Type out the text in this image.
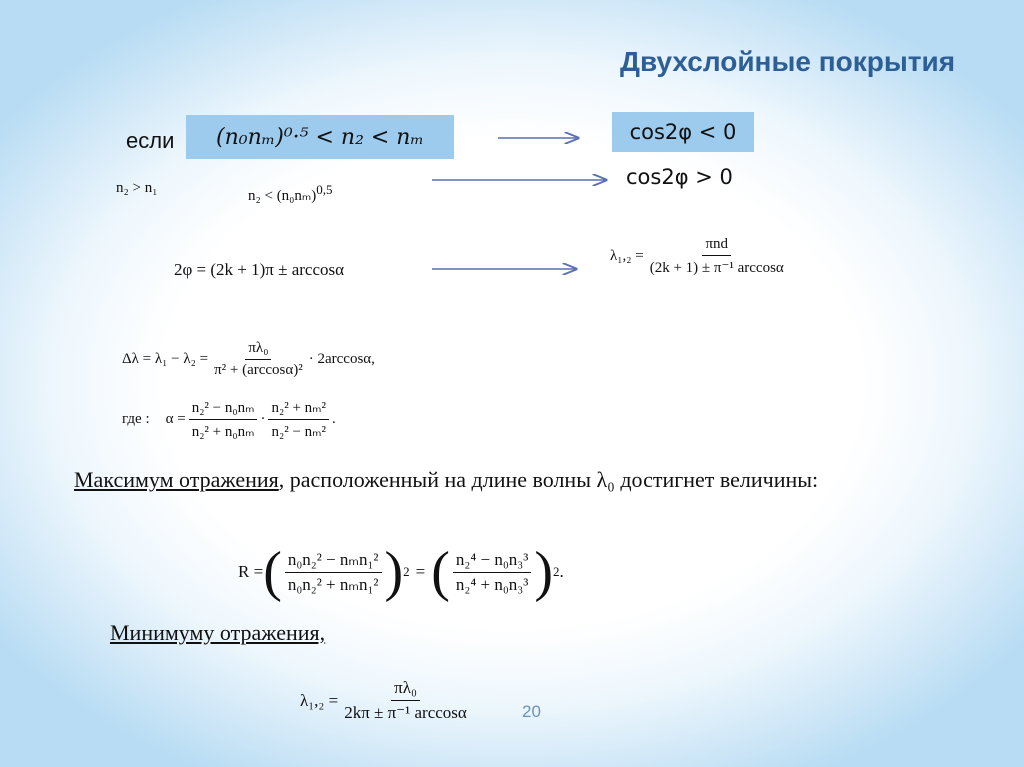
Двухслойные покрытия
если (n₀nₘ)⁰·⁵ < n₂ < nₘ	cos2φ < 0
cos2φ > 0
n₂ > n₁	n₂ < (n₀nₘ)0,5
2φ = (2k + 1)π ± arccosα
$\lambda_1,_2 = \frac{\text{πnd}}{\text{(2k + 1) ± π⁻¹ arccosα}}$
$\Delta\lambda = \lambda_1 - \lambda_2 = \frac{\text{πλ₀}}{\text{π² + (arccosα)²}} \cdot 2\arccos\alpha$,
где : $\alpha = \frac{\text{n₂² − n₀nₘ}}{\text{n₂² + n₀nₘ}} \cdot \frac{\text{n₂² + nₘ²}}{\text{n₂² − nₘ²}}$ .
Максимум отражения, расположенный на длине волны λ₀ достигнет величины:
R = ( $\frac{\text{n₀n₂² − nₘn₁²}}{\text{n₀n₂² + nₘn₁²}}$ ) 2 = ( $\frac{\text{n₂⁴ − n₀n₃³}}{\text{n₂⁴ + n₀n₃³}}$ ) 2 .
Минимуму отражения,
$\lambda_1,_2 = \frac{\text{πλ₀}}{\text{2kπ ± π⁻¹ arccosα}}$	20
